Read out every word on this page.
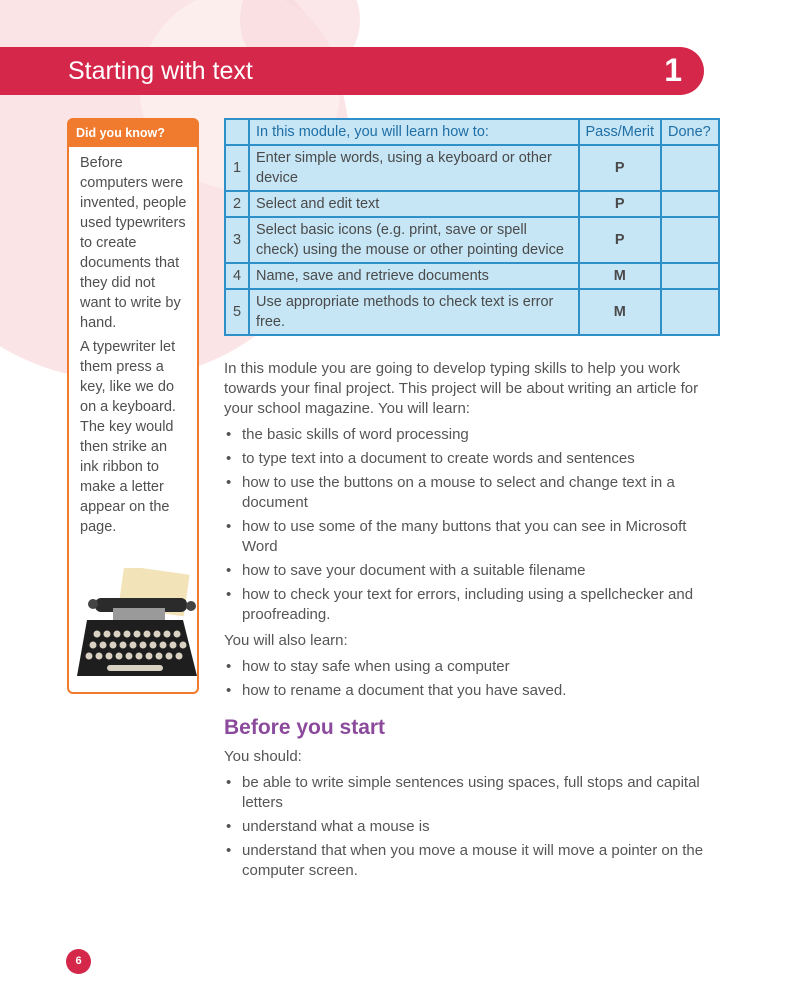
Starting with text	1
Did you know?

Before computers were invented, people used typewriters to create documents that they did not want to write by hand.

A typewriter let them press a key, like we do on a keyboard. The key would then strike an ink ribbon to make a letter appear on the page.

	In this module, you will learn how to:	Pass/Merit	Done?
1	Enter simple words, using a keyboard or other device	P	
2	Select and edit text	P	
3	Select basic icons (e.g. print, save or spell check) using the mouse or other pointing device	P	
4	Name, save and retrieve documents	M	
5	Use appropriate methods to check text is error free.	M	

In this module you are going to develop typing skills to help you work towards your final project. This project will be about writing an article for your school magazine. You will learn:

• the basic skills of word processing
• to type text into a document to create words and sentences
• how to use the buttons on a mouse to select and change text in a document
• how to use some of the many buttons that you can see in Microsoft Word
• how to save your document with a suitable filename
• how to check your text for errors, including using a spellchecker and proofreading.

You will also learn:

• how to stay safe when using a computer
• how to rename a document that you have saved.
Before you start

You should:

• be able to write simple sentences using spaces, full stops and capital letters
• understand what a mouse is
• understand that when you move a mouse it will move a pointer on the computer screen.
6
